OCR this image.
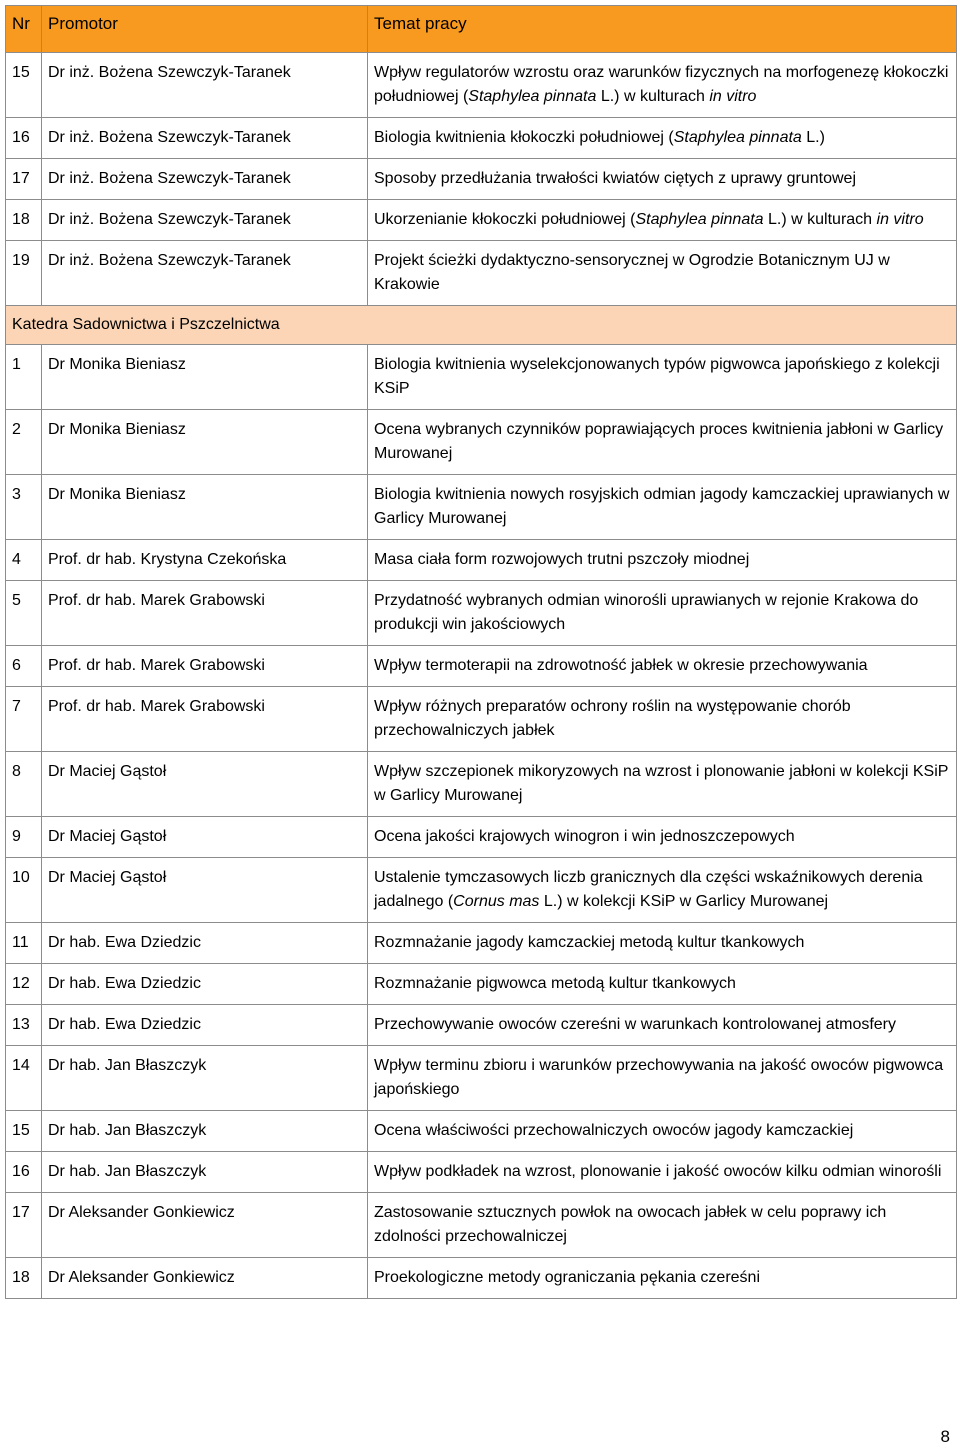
Nr	Promotor	Temat pracy
15	Dr inż. Bożena Szewczyk-Taranek	Wpływ regulatorów wzrostu oraz warunków fizycznych na morfogenezę kłokoczki południowej (Staphylea pinnata L.) w kulturach in vitro
16	Dr inż. Bożena Szewczyk-Taranek	Biologia kwitnienia kłokoczki południowej (Staphylea pinnata L.)
17	Dr inż. Bożena Szewczyk-Taranek	Sposoby przedłużania trwałości kwiatów ciętych z uprawy gruntowej
18	Dr inż. Bożena Szewczyk-Taranek	Ukorzenianie kłokoczki południowej (Staphylea pinnata L.) w kulturach in vitro
19	Dr inż. Bożena Szewczyk-Taranek	Projekt ścieżki dydaktyczno-sensorycznej w Ogrodzie Botanicznym UJ w Krakowie
Katedra Sadownictwa i Pszczelnictwa		
1	Dr Monika Bieniasz	Biologia kwitnienia wyselekcjonowanych typów pigwowca japońskiego z kolekcji KSiP
2	Dr Monika Bieniasz	Ocena wybranych czynników poprawiających proces kwitnienia jabłoni w Garlicy Murowanej
3	Dr Monika Bieniasz	Biologia kwitnienia nowych rosyjskich odmian jagody kamczackiej uprawianych w Garlicy Murowanej
4	Prof. dr hab. Krystyna Czekońska	Masa ciała form rozwojowych trutni pszczoły miodnej
5	Prof. dr hab. Marek Grabowski	Przydatność wybranych odmian winorośli uprawianych w rejonie Krakowa do produkcji win jakościowych
6	Prof. dr hab. Marek Grabowski	Wpływ termoterapii na zdrowotność jabłek w okresie przechowywania
7	Prof. dr hab. Marek Grabowski	Wpływ różnych preparatów ochrony roślin na występowanie chorób przechowalniczych jabłek
8	Dr Maciej Gąstoł	Wpływ szczepionek mikoryzowych na wzrost i plonowanie jabłoni w kolekcji KSiP w Garlicy Murowanej
9	Dr Maciej Gąstoł	Ocena jakości krajowych winogron i win jednoszczepowych
10	Dr Maciej Gąstoł	Ustalenie tymczasowych liczb granicznych dla części wskaźnikowych derenia jadalnego (Cornus mas L.) w kolekcji KSiP w Garlicy Murowanej
11	Dr hab. Ewa Dziedzic	Rozmnażanie jagody kamczackiej metodą kultur tkankowych
12	Dr hab. Ewa Dziedzic	Rozmnażanie pigwowca metodą kultur tkankowych
13	Dr hab. Ewa Dziedzic	Przechowywanie owoców czereśni w warunkach kontrolowanej atmosfery
14	Dr hab. Jan Błaszczyk	Wpływ terminu zbioru i warunków przechowywania na jakość owoców pigwowca japońskiego
15	Dr hab. Jan Błaszczyk	Ocena właściwości przechowalniczych owoców jagody kamczackiej
16	Dr hab. Jan Błaszczyk	Wpływ podkładek na wzrost, plonowanie i jakość owoców kilku odmian winorośli
17	Dr Aleksander Gonkiewicz	Zastosowanie sztucznych powłok na owocach jabłek w celu poprawy ich zdolności przechowalniczej
18	Dr Aleksander Gonkiewicz	Proekologiczne metody ograniczania pękania czereśni
8
